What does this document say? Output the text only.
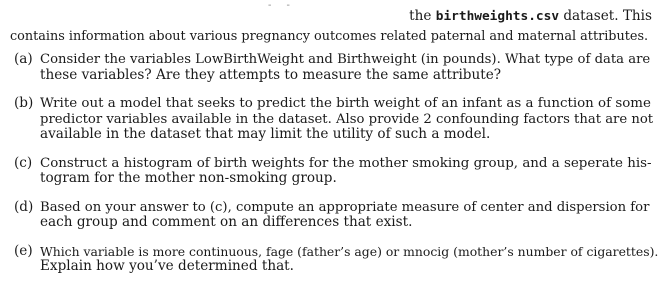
- -
the birthweights.csv dataset. This
contains information about various pregnancy outcomes related paternal and maternal attributes.
(a) Consider the variables LowBirthWeight and Birthweight (in pounds). What type of data are
these variables? Are they attempts to measure the same attribute?
(b) Write out a model that seeks to predict the birth weight of an infant as a function of some
predictor variables available in the dataset. Also provide 2 confounding factors that are not
available in the dataset that may limit the utility of such a model.
(c) Construct a histogram of birth weights for the mother smoking group, and a seperate his-
togram for the mother non-smoking group.
(d) Based on your answer to (c), compute an appropriate measure of center and dispersion for
each group and comment on an differences that exist.
(e) Which variable is more continuous, fage (father’s age) or mnocig (mother’s number of cigarettes).
Explain how you’ve determined that.
